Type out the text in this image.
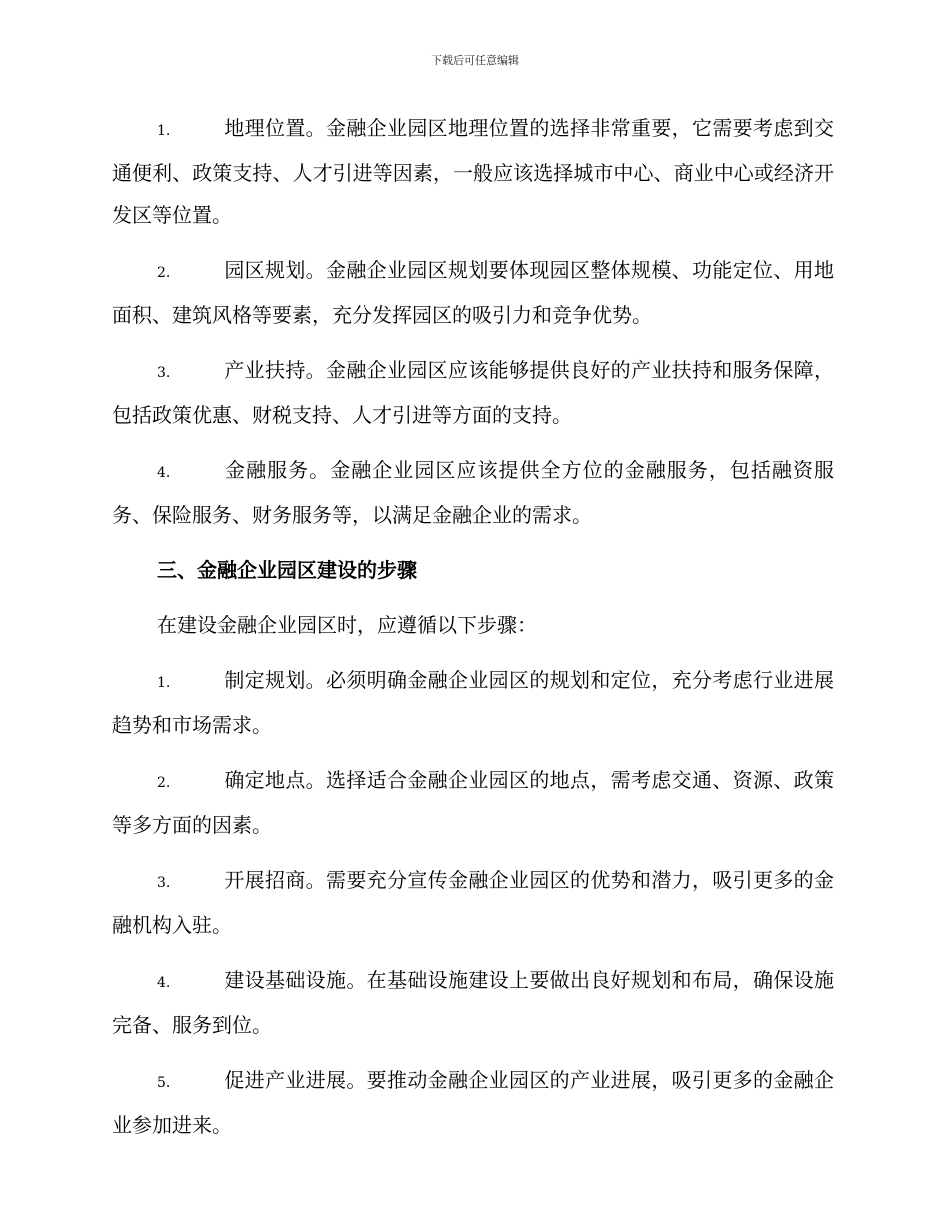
下载后可任意编辑

1.	地理位置。金融企业园区地理位置的选择非常重要，它需要考虑到交通便利、政策支持、人才引进等因素，一般应该选择城市中心、商业中心或经济开发区等位置。

2.	园区规划。金融企业园区规划要体现园区整体规模、功能定位、用地面积、建筑风格等要素，充分发挥园区的吸引力和竞争优势。

3.	产业扶持。金融企业园区应该能够提供良好的产业扶持和服务保障，包括政策优惠、财税支持、人才引进等方面的支持。

4.	金融服务。金融企业园区应该提供全方位的金融服务，包括融资服务、保险服务、财务服务等，以满足金融企业的需求。

三、金融企业园区建设的步骤

在建设金融企业园区时，应遵循以下步骤：

1.	制定规划。必须明确金融企业园区的规划和定位，充分考虑行业进展趋势和市场需求。

2.	确定地点。选择适合金融企业园区的地点，需考虑交通、资源、政策等多方面的因素。

3.	开展招商。需要充分宣传金融企业园区的优势和潜力，吸引更多的金融机构入驻。

4.	建设基础设施。在基础设施建设上要做出良好规划和布局，确保设施完备、服务到位。

5.	促进产业进展。要推动金融企业园区的产业进展，吸引更多的金融企业参加进来。
